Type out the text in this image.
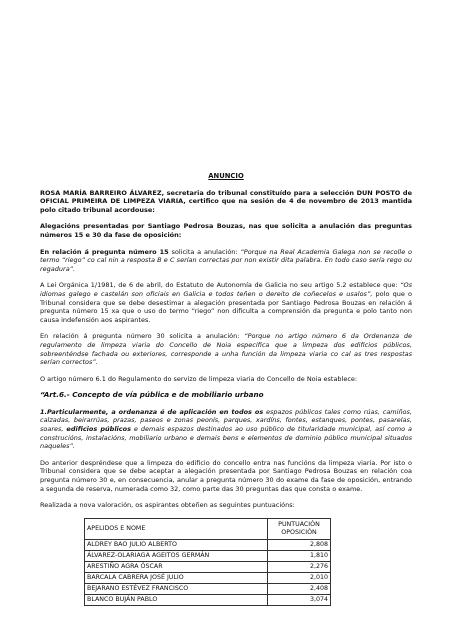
ANUNCIO

ROSA MARÍA BARREIRO ÁLVAREZ, secretaria do tribunal constituído para a selección DUN POSTO de OFICIAL PRIMEIRA DE LIMPEZA VIARIA, certifico que na sesión de 4 de novembro de 2013 mantida polo citado tribunal acordouse:

Alegacións presentadas por Santiago Pedrosa Bouzas, nas que solicita a anulación das preguntas números 15 e 30 da fase de oposición:

En relación á pregunta número 15 solicita a anulación: “Porque na Real Academia Galega non se recolle o termo “riego” co cal nin a resposta B e C serían correctas por non existir dita palabra. En todo caso sería rego ou regadura”.

A Lei Orgánica 1/1981, de 6 de abril, do Estatuto de Autonomía de Galicia no seu artigo 5.2 establece que: “Os idiomas galego e castelán son oficiais en Galicia e todos teñen o dereito de coñecelos e usalos”, polo que o Tribunal considera que se debe desestimar a alegación presentada por Santiago Pedrosa Bouzas en relación á pregunta número 15 xa que o uso do termo “riego” non dificulta a comprensión da pregunta e polo tanto non causa indefensión aos aspirantes.

En relación á pregunta número 30 solicita a anulación: “Porque no artigo número 6 da Ordenanza de regulamento de limpeza viaria do Concello de Noia especifica que a limpeza dos edificios públicos, sobreenténdse fachada ou exteriores, corresponde a unha función da limpeza viaria co cal as tres respostas serían correctos”.

O artigo número 6.1 do Regulamento do servizo de limpeza viaria do Concello de Noia establece:

“Art.6.- Concepto de vía pública e de mobiliario urbano

1.Particularmente, a ordenanza é de aplicación en todos os espazos públicos tales como rúas, camiños, calzadas, beirarrúas, prazas, paseos e zonas peonís, parques, xardíns, fontes, estanques, pontes, pasarelas, soares, edificios públicos e demais espazos destinados ao uso público de titularidade municipal, así como a construcións, instalacións, mobiliario urbano e demais bens e elementos de dominio público municipal situados naqueles”.

Do anterior despréndese que a limpeza do edificio do concello entra nas funcións da limpeza viaria. Por isto o Tribunal considera que se debe aceptar a alegación presentada por Santiago Pedrosa Bouzas en relación coa pregunta número 30 e, en consecuencia, anular a pregunta número 30 do exame da fase de oposición, entrando a segunda de reserva, numerada como 32, como parte das 30 preguntas das que consta o exame.

Realizada a nova valoración, os aspirantes obteñen as seguintes puntuacións:

APELIDOS E NOME	PUNTUACIÓN OPOSICIÓN
ALDREY BAO JULIO ALBERTO	2,808
ÁLVAREZ-OLARIAGA AGEITOS GERMÁN	1,810
ARESTIÑO AGRA ÓSCAR	2,276
BARCALA CABRERA JOSÉ JULIO	2,010
BEJARANO ESTÉVEZ FRANCISCO	2,408
BLANCO BUJÁN PABLO	3,074
